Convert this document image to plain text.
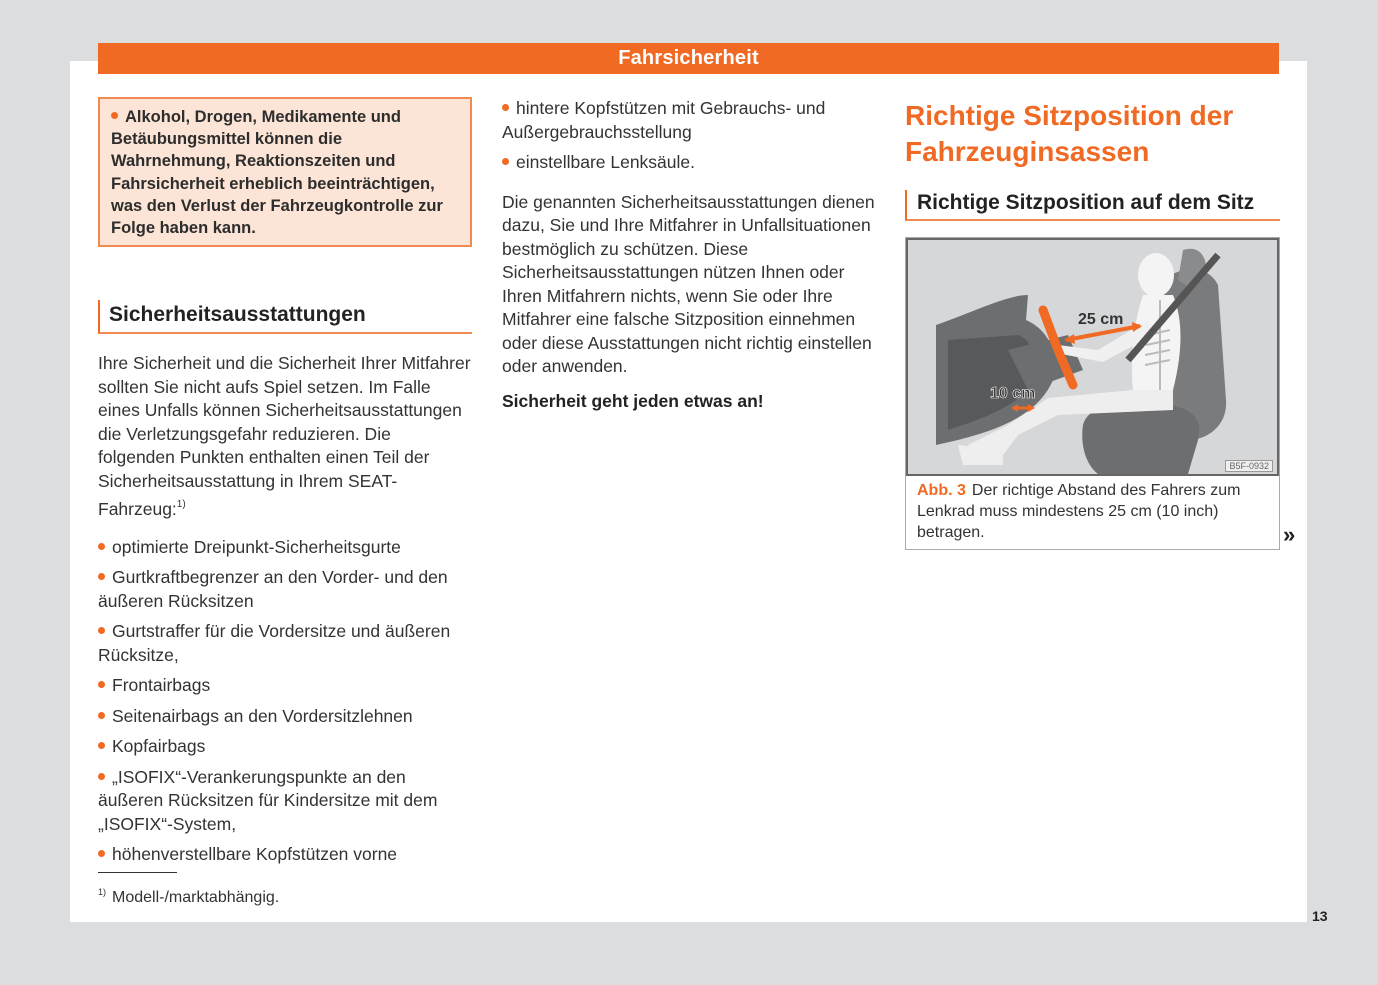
Fahrsicherheit
Alkohol, Drogen, Medikamente und Betäubungsmittel können die Wahrnehmung, Reaktionszeiten und Fahrsicherheit erheblich beeinträchtigen, was den Verlust der Fahrzeugkontrolle zur Folge haben kann.
Sicherheitsausstattungen

Ihre Sicherheit und die Sicherheit Ihrer Mitfahrer sollten Sie nicht aufs Spiel setzen. Im Falle eines Unfalls können Sicherheitsausstattungen die Verletzungsgefahr reduzieren. Die folgenden Punkten enthalten einen Teil der Sicherheitsausstattung in Ihrem SEAT-Fahrzeug:$^{1)}$

optimierte Dreipunkt-Sicherheitsgurte
Gurtkraftbegrenzer an den Vorder- und den äußeren Rücksitzen
Gurtstraffer für die Vordersitze und äußeren Rücksitze,
Frontairbags
Seitenairbags an den Vordersitzlehnen
Kopfairbags
„ISOFIX“-Verankerungspunkte an den äußeren Rücksitzen für Kindersitze mit dem „ISOFIX“-System,
höhenverstellbare Kopfstützen vorne
hintere Kopfstützen mit Gebrauchs- und Außergebrauchsstellung
einstellbare Lenksäule.

Die genannten Sicherheitsausstattungen dienen dazu, Sie und Ihre Mitfahrer in Unfallsituationen bestmöglich zu schützen. Diese Sicherheitsausstattungen nützen Ihnen oder Ihren Mitfahrern nichts, wenn Sie oder Ihre Mitfahrer eine falsche Sitzposition einnehmen oder diese Ausstattungen nicht richtig einstellen oder anwenden.

Sicherheit geht jeden etwas an!

Richtige Sitzposition der Fahrzeuginsassen
Richtige Sitzposition auf dem Sitz
25 cm
10 cm
B5F-0932
Abb. 3 Der richtige Abstand des Fahrers zum Lenkrad muss mindestens 25 cm (10 inch) betragen.	»
$^{1)}$ Modell-/marktabhängig.
13
